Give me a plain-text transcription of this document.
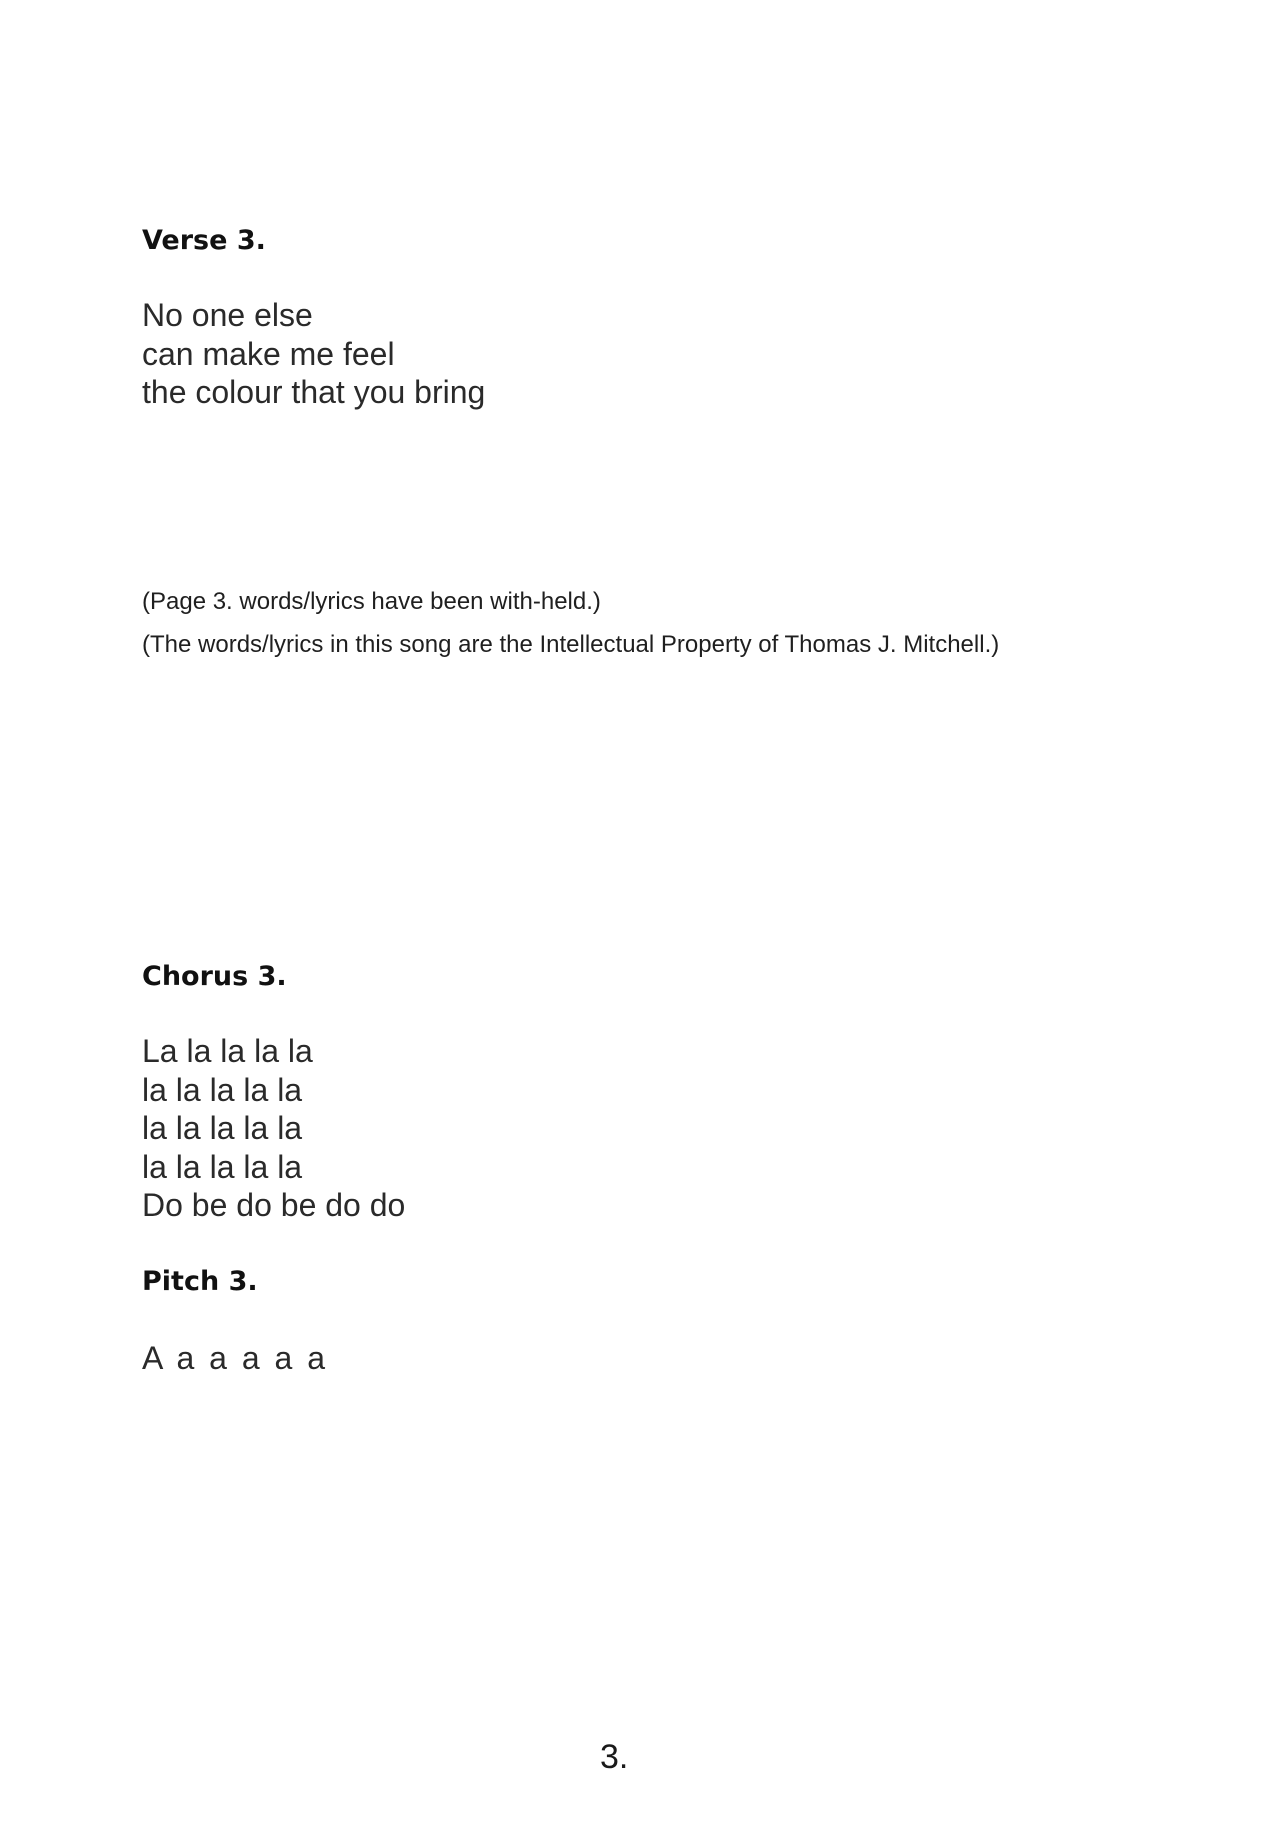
Verse 3.
No one else
can make me feel
the colour that you bring

(Page 3. words/lyrics have been with-held.)

(The words/lyrics in this song are the Intellectual Property of Thomas J. Mitchell.)

Chorus 3.
La la la la la
la la la la la
la la la la la
la la la la la
Do be do be do do
Pitch 3.

A a a a a a

3.
